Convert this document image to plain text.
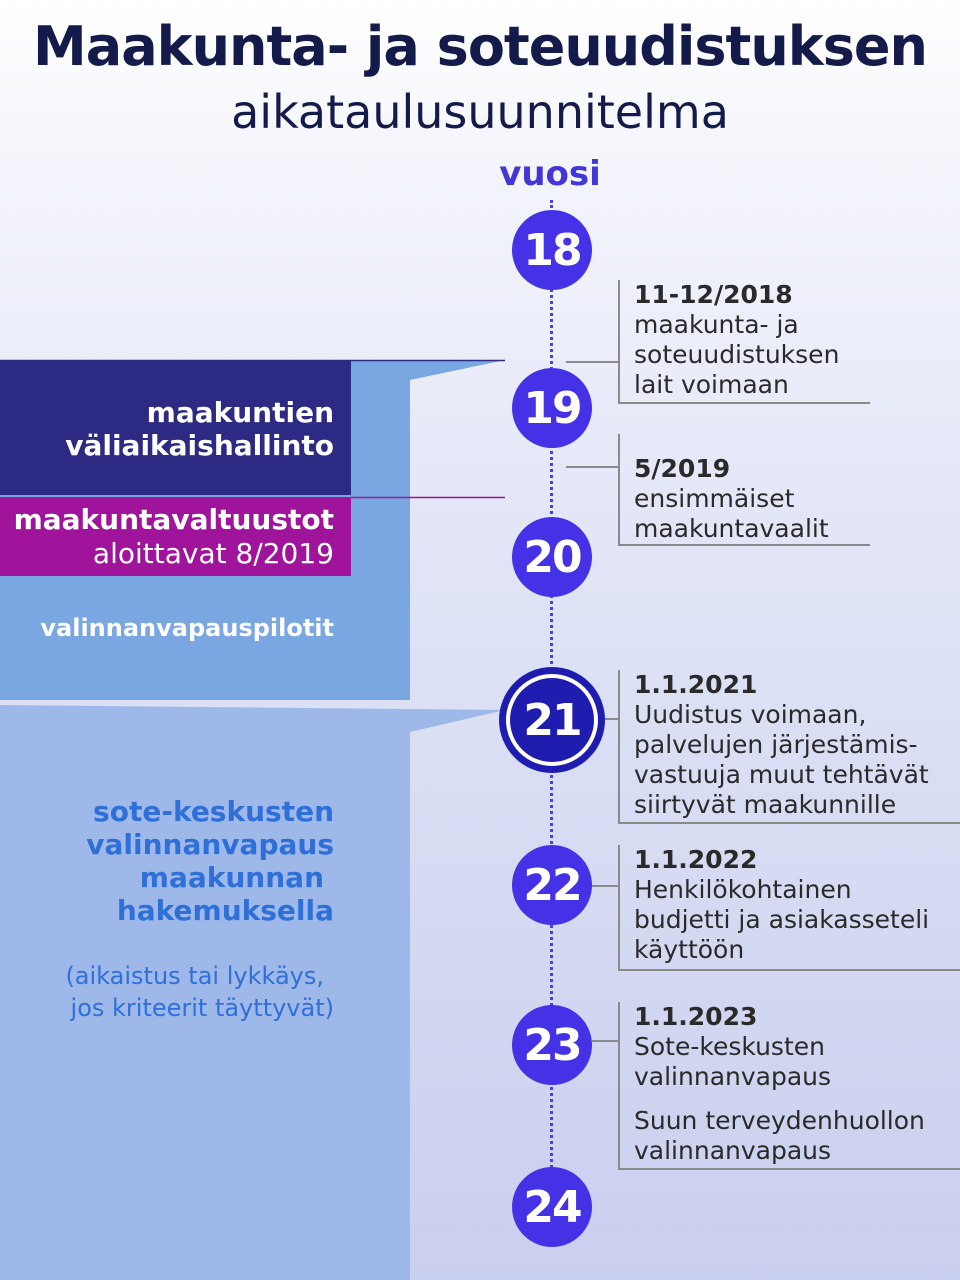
Maakunta- ja soteuudistuksen
aikataulusuunnitelma
maakuntien
väliaikaishallinto
maakuntavaltuustot
aloittavat 8/2019
valinnanvapauspilotit
sote-keskusten
valinnanvapaus
maakunnan
hakemuksella
(aikaistus tai lykkäys,
jos kriteerit täyttyvät)
vuosi
18
19
20
21
22
23
24
11-12/2018
maakunta- ja
soteuudistuksen
lait voimaan
5/2019
ensimmäiset
maakuntavaalit
1.1.2021
Uudistus voimaan,
palvelujen järjestämis-
vastuuja muut tehtävät
siirtyvät maakunnille
1.1.2022
Henkilökohtainen
budjetti ja asiakasseteli
käyttöön
1.1.2023
Sote-keskusten
valinnanvapaus
Suun terveydenhuollon
valinnanvapaus
